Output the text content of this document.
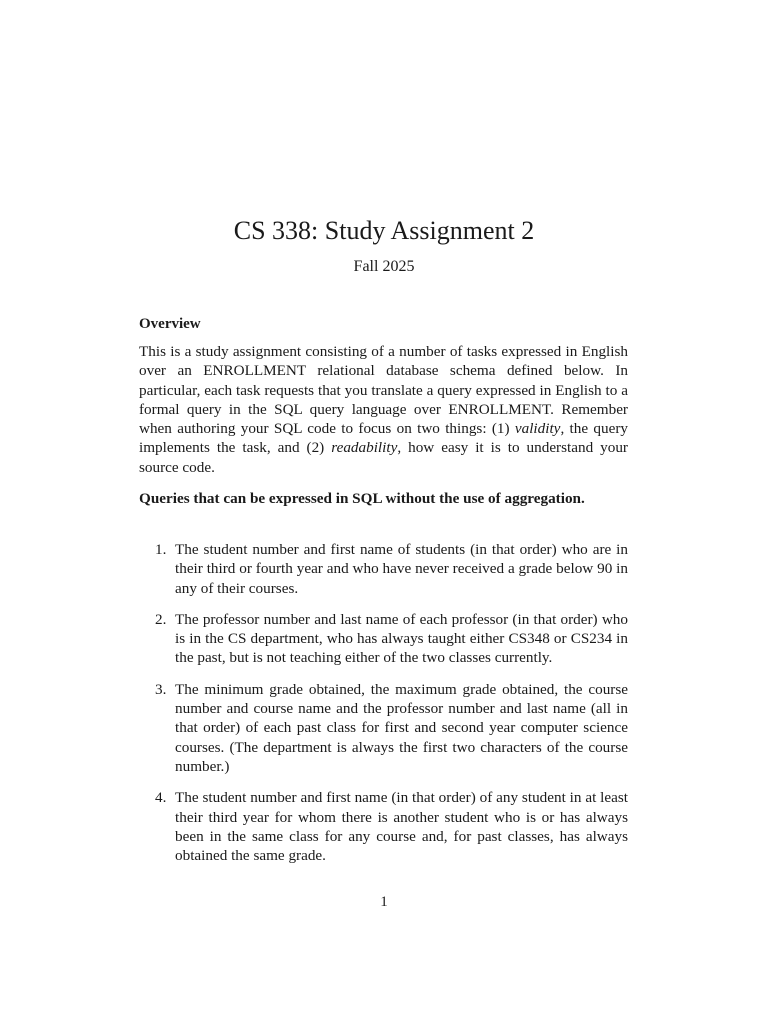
CS 338: Study Assignment 2
Fall 2025
Overview
This is a study assignment consisting of a number of tasks expressed in English over an ENROLLMENT relational database schema defined below. In particular, each task requests that you translate a query expressed in English to a formal query in the SQL query language over ENROLLMENT. Remember when authoring your SQL code to focus on two things: (1) validity, the query implements the task, and (2) readability, how easy it is to understand your source code.
Queries that can be expressed in SQL without the use of aggregation.
1. The student number and first name of students (in that order) who are in their third or fourth year and who have never received a grade below 90 in any of their courses.
2. The professor number and last name of each professor (in that order) who is in the CS department, who has always taught either CS348 or CS234 in the past, but is not teaching either of the two classes currently.
3. The minimum grade obtained, the maximum grade obtained, the course number and course name and the professor number and last name (all in that order) of each past class for first and second year computer science courses. (The department is always the first two characters of the course number.)
4. The student number and first name (in that order) of any student in at least their third year for whom there is another student who is or has always been in the same class for any course and, for past classes, has always obtained the same grade.
1
